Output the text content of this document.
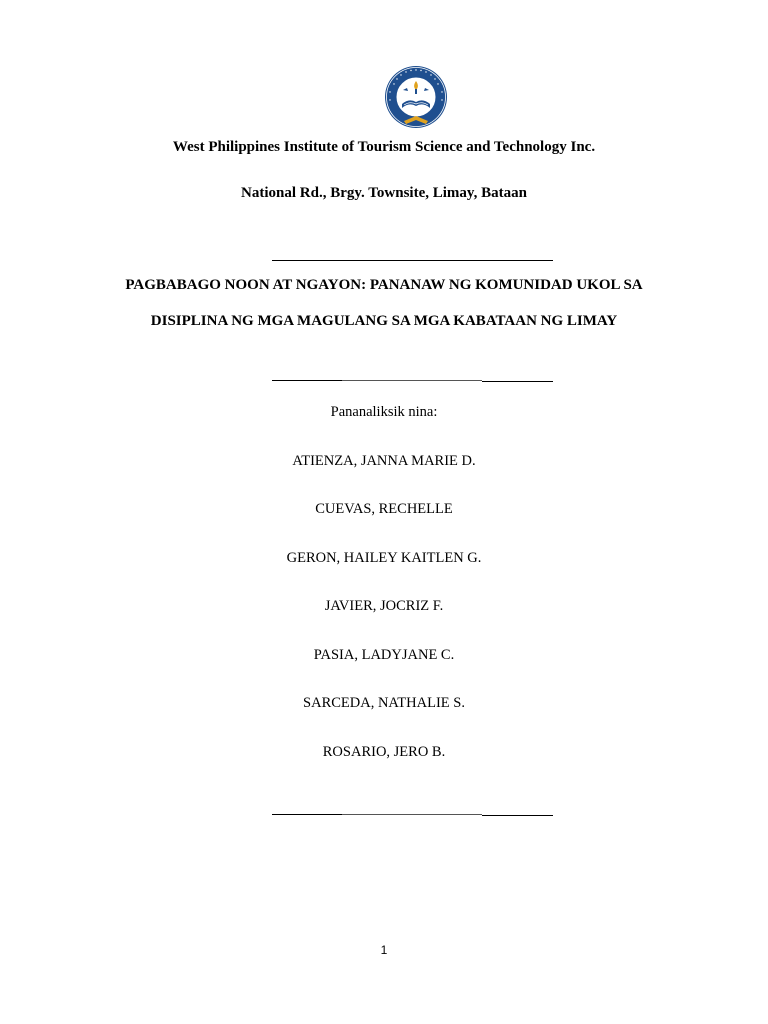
West Philippines Institute of Tourism Science and Technology Inc.
National Rd., Brgy. Townsite, Limay, Bataan
PAGBABAGO NOON AT NGAYON: PANANAW NG KOMUNIDAD UKOL SA
DISIPLINA NG MGA MAGULANG SA MGA KABATAAN NG LIMAY
Pananaliksik nina:
ATIENZA, JANNA MARIE D.
CUEVAS, RECHELLE
GERON, HAILEY KAITLEN G.
JAVIER, JOCRIZ F.
PASIA, LADYJANE C.
SARCEDA, NATHALIE S.
ROSARIO, JERO B.
1
